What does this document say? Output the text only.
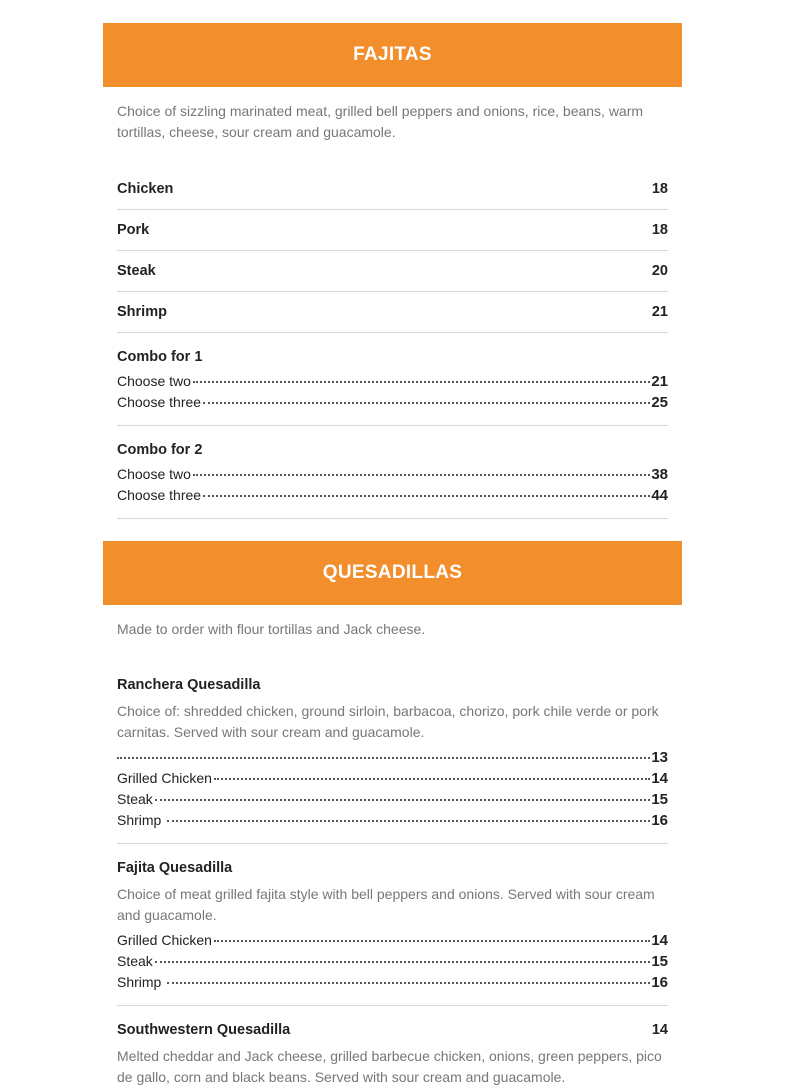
FAJITAS

Choice of sizzling marinated meat, grilled bell peppers and onions, rice, beans, warm tortillas, cheese, sour cream and guacamole.

Chicken	18
Pork	18
Steak	20
Shrimp	21
Combo for 1
Choose two	21
Choose three	25
Combo for 2
Choose two	38
Choose three	44
QUESADILLAS

Made to order with flour tortillas and Jack cheese.

Ranchera Quesadilla

Choice of: shredded chicken, ground sirloin, barbacoa, chorizo, pork chile verde or pork carnitas. Served with sour cream and guacamole.

13
Grilled Chicken	14
Steak	15
Shrimp	16
Fajita Quesadilla

Choice of meat grilled fajita style with bell peppers and onions. Served with sour cream and guacamole.

Grilled Chicken	14
Steak	15
Shrimp	16
Southwestern Quesadilla	14

Melted cheddar and Jack cheese, grilled barbecue chicken, onions, green peppers, pico de gallo, corn and black beans. Served with sour cream and guacamole.
